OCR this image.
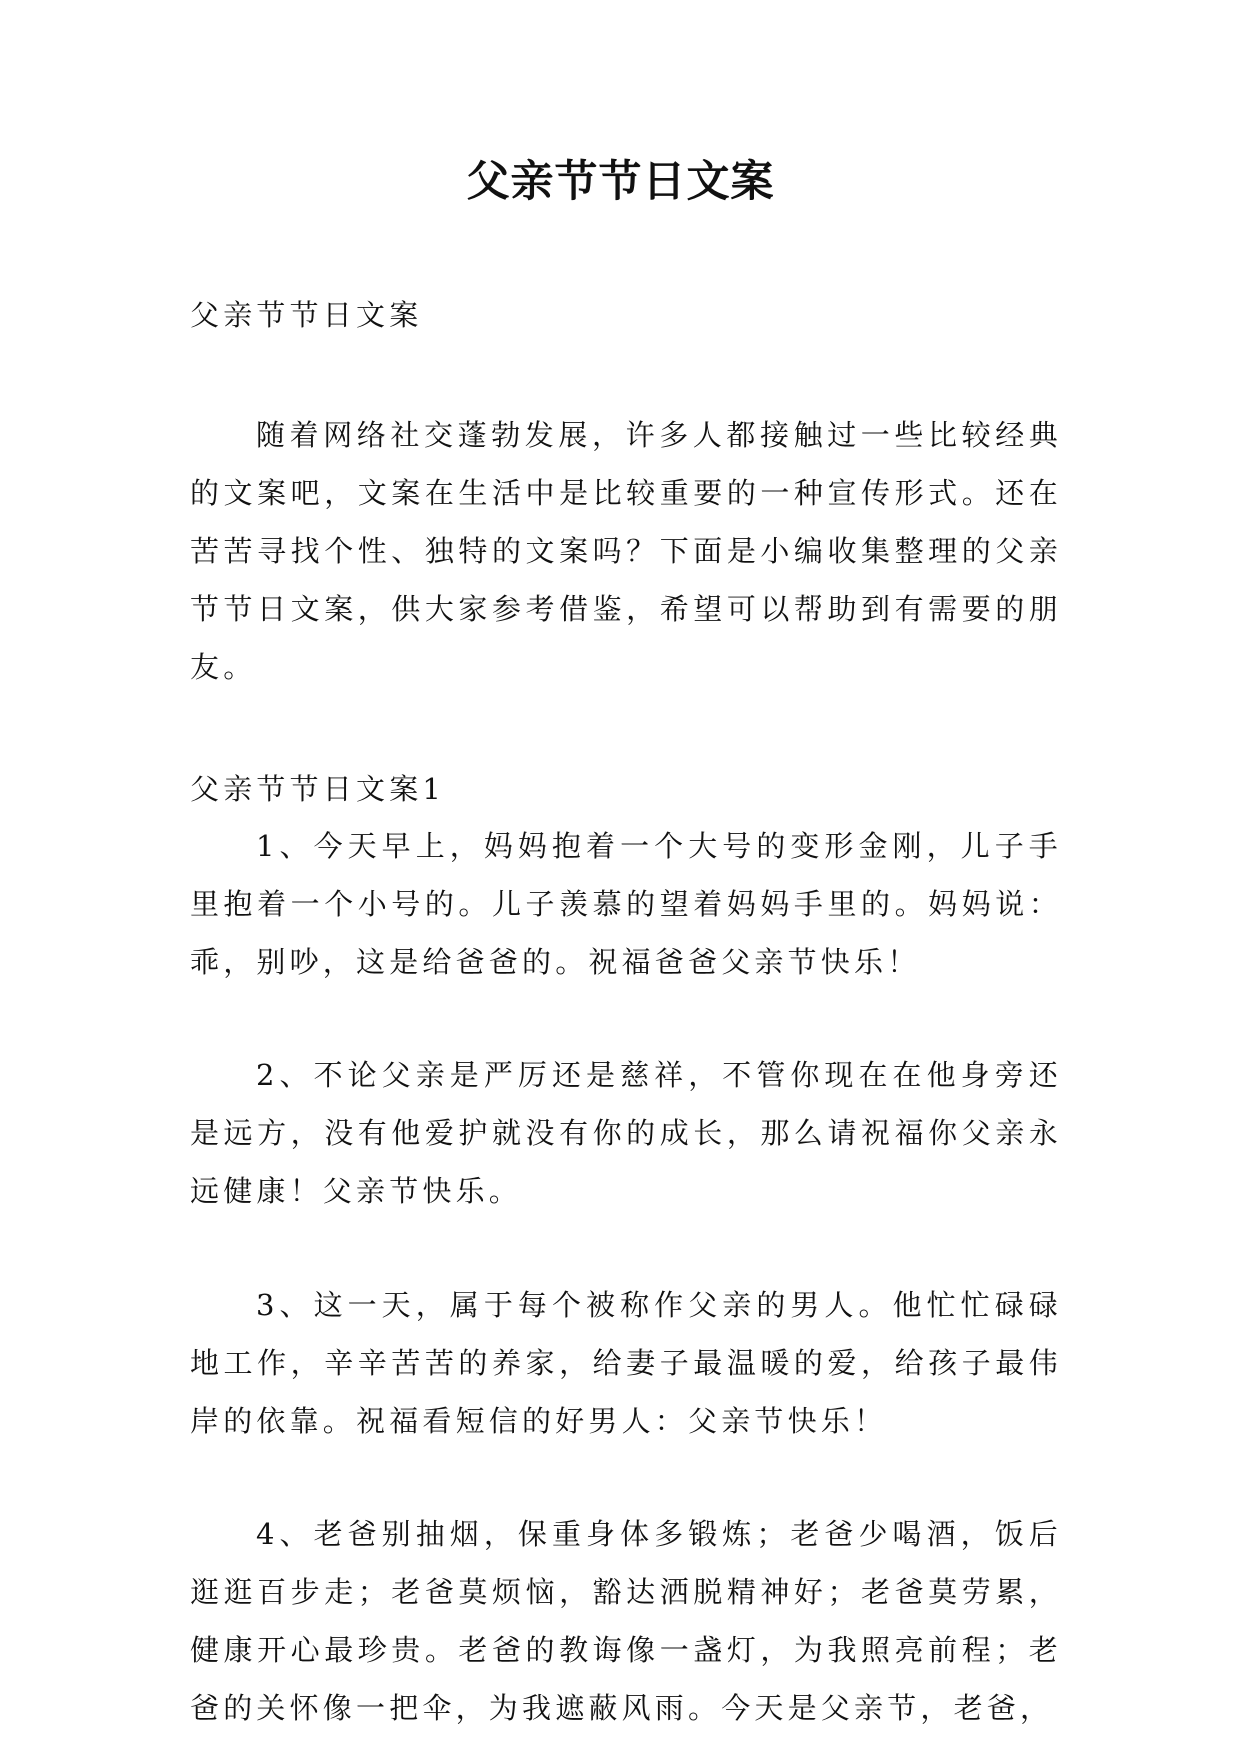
父亲节节日文案

父亲节节日文案

随着网络社交蓬勃发展，许多人都接触过一些比较经典的文案吧，文案在生活中是比较重要的一种宣传形式。还在苦苦寻找个性、独特的文案吗？下面是小编收集整理的父亲节节日文案，供大家参考借鉴，希望可以帮助到有需要的朋友。

父亲节节日文案1

1、今天早上，妈妈抱着一个大号的变形金刚，儿子手里抱着一个小号的。儿子羡慕的望着妈妈手里的。妈妈说：乖，别吵，这是给爸爸的。祝福爸爸父亲节快乐！

2、不论父亲是严厉还是慈祥，不管你现在在他身旁还是远方，没有他爱护就没有你的成长，那么请祝福你父亲永远健康！父亲节快乐。

3、这一天，属于每个被称作父亲的男人。他忙忙碌碌地工作，辛辛苦苦的养家，给妻子最温暖的爱，给孩子最伟岸的依靠。祝福看短信的好男人：父亲节快乐！

4、老爸别抽烟，保重身体多锻炼；老爸少喝酒，饭后逛逛百步走；老爸莫烦恼，豁达洒脱精神好；老爸莫劳累，健康开心最珍贵。老爸的教诲像一盏灯，为我照亮前程；老爸的关怀像一把伞，为我遮蔽风雨。今天是父亲节，老爸，
